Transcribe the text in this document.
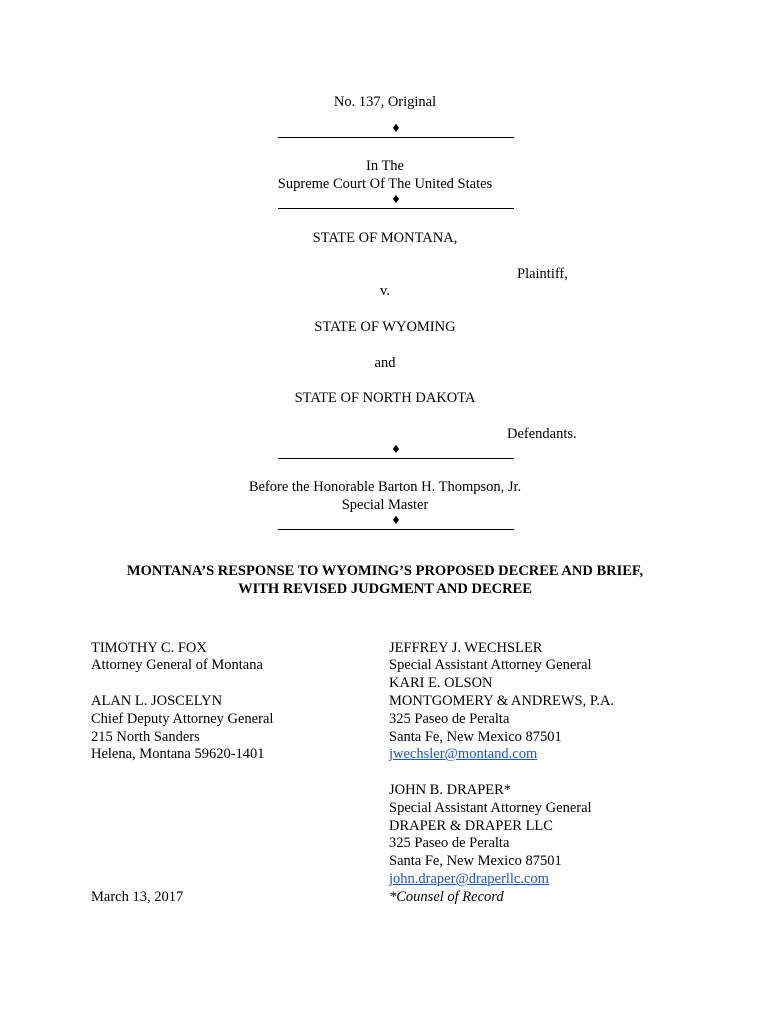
No. 137, Original
♦
In The
Supreme Court Of The United States
♦
STATE OF MONTANA,
Plaintiff,
v.
STATE OF WYOMING
and
STATE OF NORTH DAKOTA
Defendants.
♦
Before the Honorable Barton H. Thompson, Jr.
Special Master
♦
MONTANA’S RESPONSE TO WYOMING’S PROPOSED DECREE AND BRIEF,
WITH REVISED JUDGMENT AND DECREE
TIMOTHY C. FOX
Attorney General of Montana
ALAN L. JOSCELYN
Chief Deputy Attorney General
215 North Sanders
Helena, Montana 59620-1401
JEFFREY J. WECHSLER
Special Assistant Attorney General
KARI E. OLSON
MONTGOMERY & ANDREWS, P.A.
325 Paseo de Peralta
Santa Fe, New Mexico 87501
jwechsler@montand.com
JOHN B. DRAPER*
Special Assistant Attorney General
DRAPER & DRAPER LLC
325 Paseo de Peralta
Santa Fe, New Mexico 87501
john.draper@draperllc.com
*Counsel of Record
March 13, 2017
